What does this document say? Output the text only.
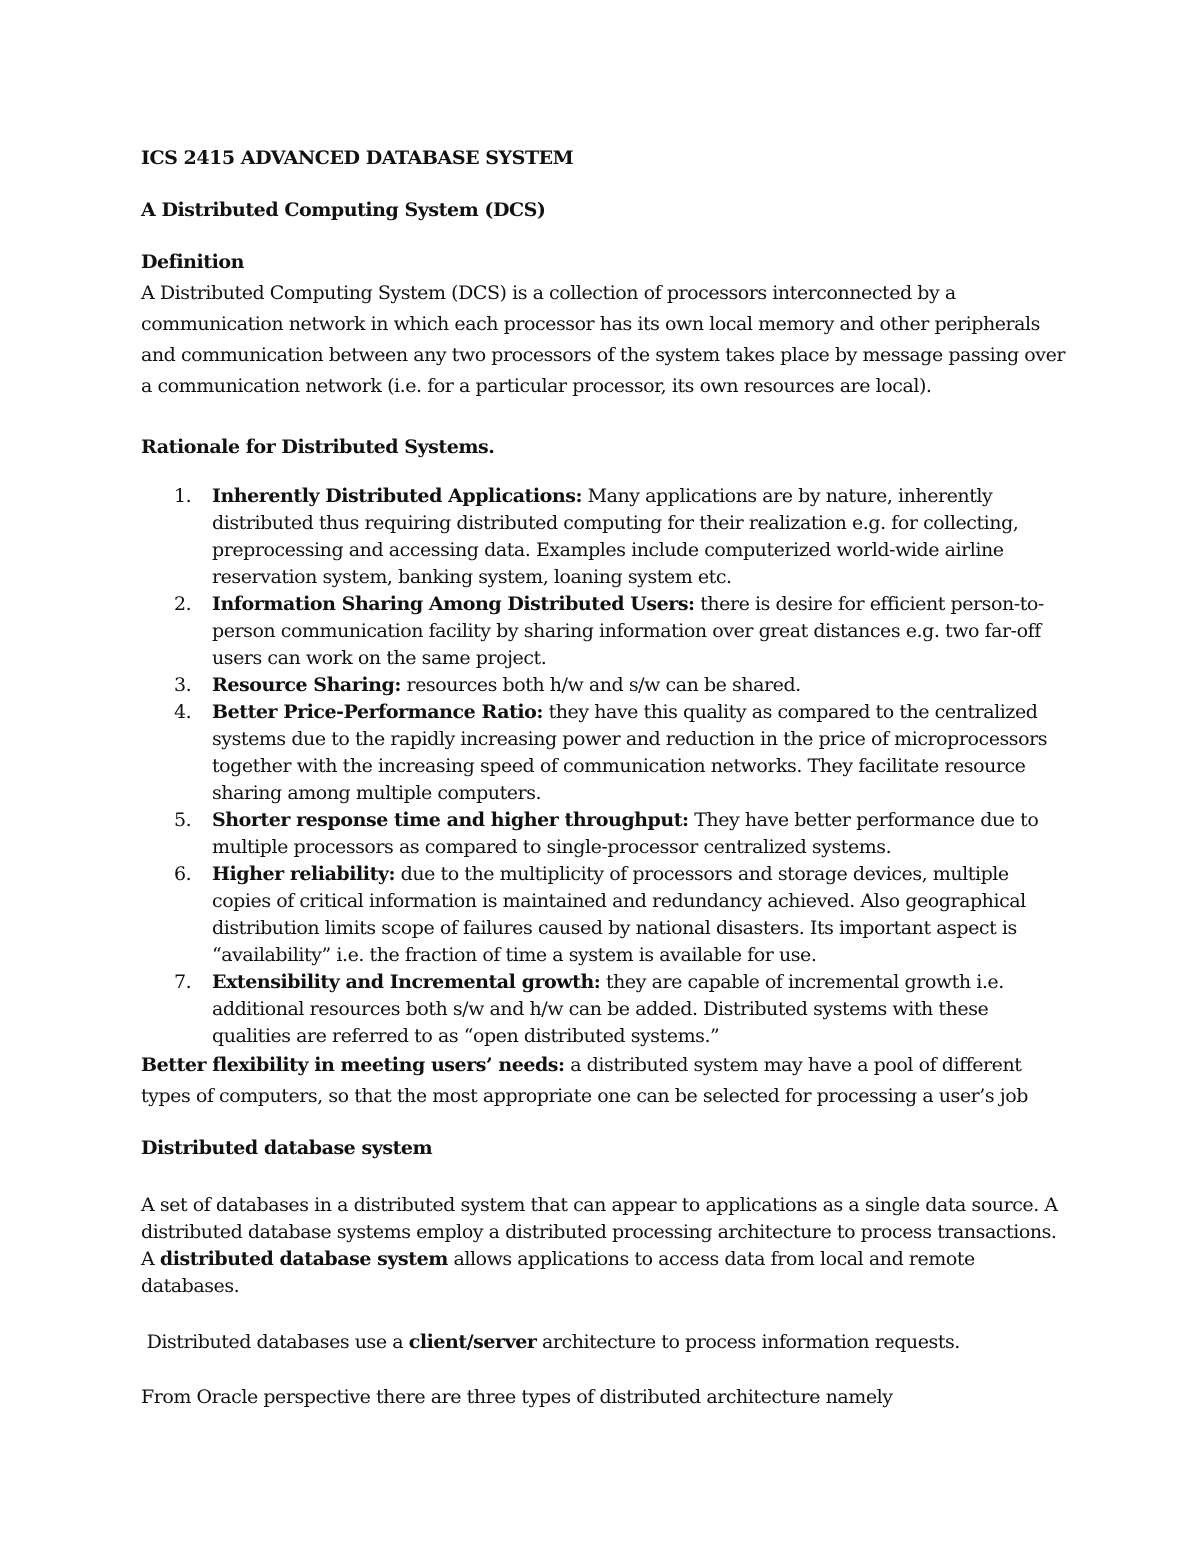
ICS 2415 ADVANCED DATABASE SYSTEM

A Distributed Computing System (DCS)

Definition

A Distributed Computing System (DCS) is a collection of processors interconnected by a communication network in which each processor has its own local memory and other peripherals and communication between any two processors of the system takes place by message passing over a communication network (i.e. for a particular processor, its own resources are local).

Rationale for Distributed Systems.

1. Inherently Distributed Applications: Many applications are by nature, inherently distributed thus requiring distributed computing for their realization e.g. for collecting, preprocessing and accessing data. Examples include computerized world-wide airline reservation system, banking system, loaning system etc.
2. Information Sharing Among Distributed Users: there is desire for efficient person-to-person communication facility by sharing information over great distances e.g. two far-off users can work on the same project.
3. Resource Sharing: resources both h/w and s/w can be shared.
4. Better Price-Performance Ratio: they have this quality as compared to the centralized systems due to the rapidly increasing power and reduction in the price of microprocessors together with the increasing speed of communication networks. They facilitate resource sharing among multiple computers.
5. Shorter response time and higher throughput: They have better performance due to multiple processors as compared to single-processor centralized systems.
6. Higher reliability: due to the multiplicity of processors and storage devices, multiple copies of critical information is maintained and redundancy achieved. Also geographical distribution limits scope of failures caused by national disasters. Its important aspect is “availability” i.e. the fraction of time a system is available for use.
7. Extensibility and Incremental growth: they are capable of incremental growth i.e. additional resources both s/w and h/w can be added. Distributed systems with these qualities are referred to as “open distributed systems.”

Better flexibility in meeting users’ needs: a distributed system may have a pool of different types of computers, so that the most appropriate one can be selected for processing a user’s job

Distributed database system

A set of databases in a distributed system that can appear to applications as a single data source. A distributed database systems employ a distributed processing architecture to process transactions. A distributed database system allows applications to access data from local and remote databases.

Distributed databases use a client/server architecture to process information requests.

From Oracle perspective there are three types of distributed architecture namely
